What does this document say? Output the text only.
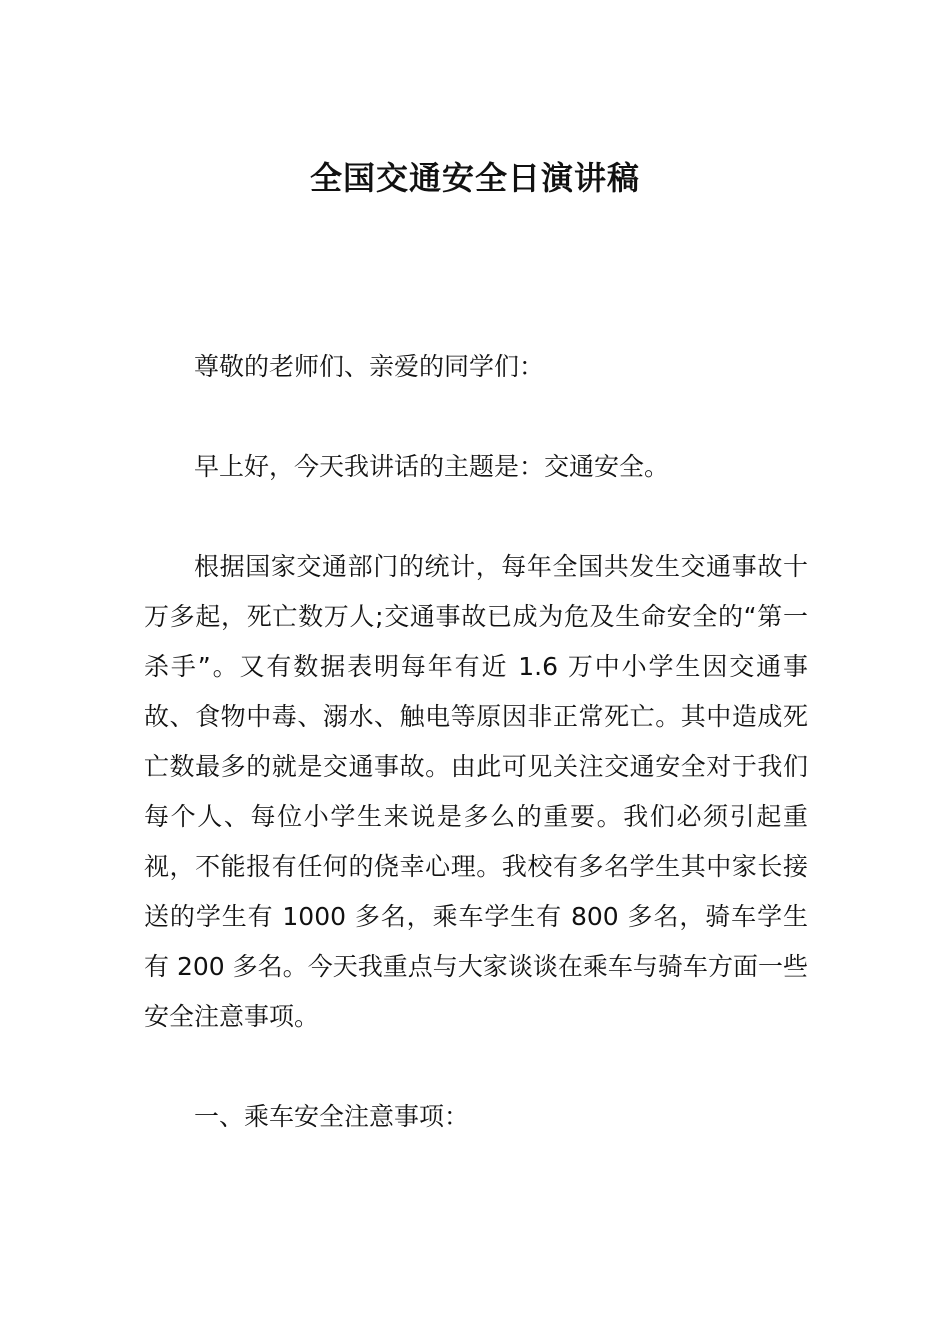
全国交通安全日演讲稿

尊敬的老师们、亲爱的同学们：

早上好，今天我讲话的主题是：交通安全。

根据国家交通部门的统计，每年全国共发生交通事故十万多起，死亡数万人;交通事故已成为危及生命安全的“第一杀手”。又有数据表明每年有近 1.6 万中小学生因交通事故、食物中毒、溺水、触电等原因非正常死亡。其中造成死亡数最多的就是交通事故。由此可见关注交通安全对于我们每个人、每位小学生来说是多么的重要。我们必须引起重视，不能报有任何的侥幸心理。我校有多名学生其中家长接送的学生有 1000 多名，乘车学生有 800 多名，骑车学生有 200 多名。今天我重点与大家谈谈在乘车与骑车方面一些安全注意事项。

一、乘车安全注意事项：
